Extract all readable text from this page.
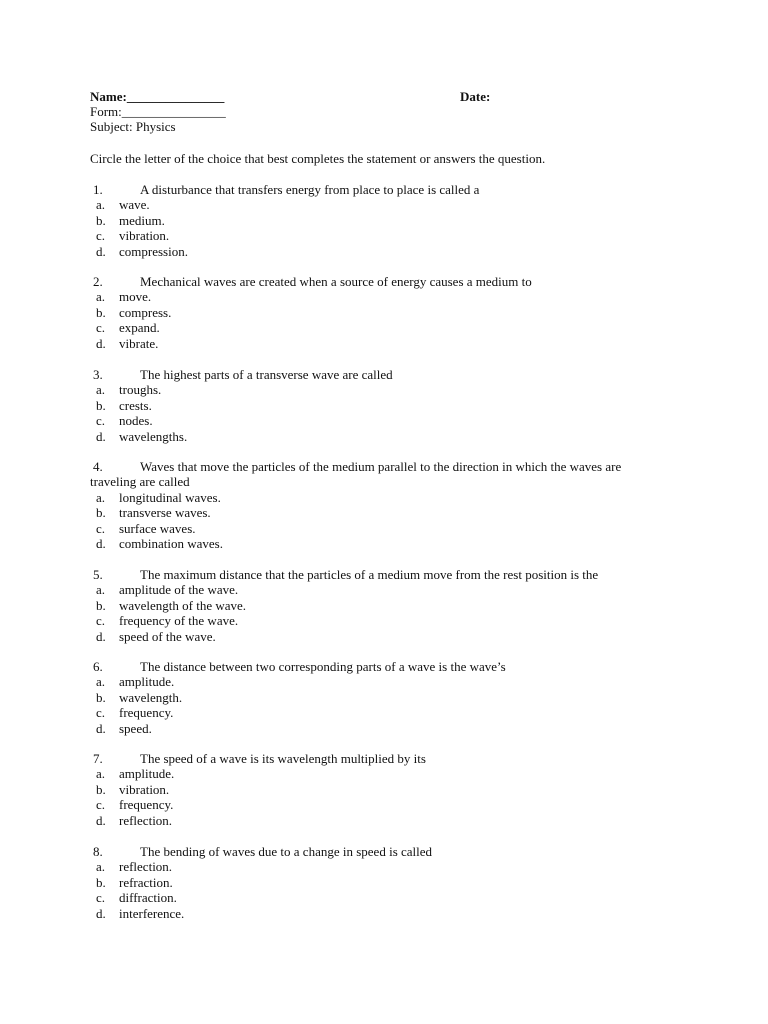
Name:_______________	Date:
Form:________________
Subject: Physics
Circle the letter of the choice that best completes the statement or answers the question.
1.	A disturbance that transfers energy from place to place is called a
a. wave.
b. medium.
c. vibration.
d. compression.
2.	Mechanical waves are created when a source of energy causes a medium to
a. move.
b. compress.
c. expand.
d. vibrate.
3.	The highest parts of a transverse wave are called
a. troughs.
b. crests.
c. nodes.
d. wavelengths.
4.	Waves that move the particles of the medium parallel to the direction in which the waves are
traveling are called
a. longitudinal waves.
b. transverse waves.
c. surface waves.
d. combination waves.
5.	The maximum distance that the particles of a medium move from the rest position is the
a. amplitude of the wave.
b. wavelength of the wave.
c. frequency of the wave.
d. speed of the wave.
6.	The distance between two corresponding parts of a wave is the wave’s
a. amplitude.
b. wavelength.
c. frequency.
d. speed.
7.	The speed of a wave is its wavelength multiplied by its
a. amplitude.
b. vibration.
c. frequency.
d. reflection.
8.	The bending of waves due to a change in speed is called
a. reflection.
b. refraction.
c. diffraction.
d. interference.
